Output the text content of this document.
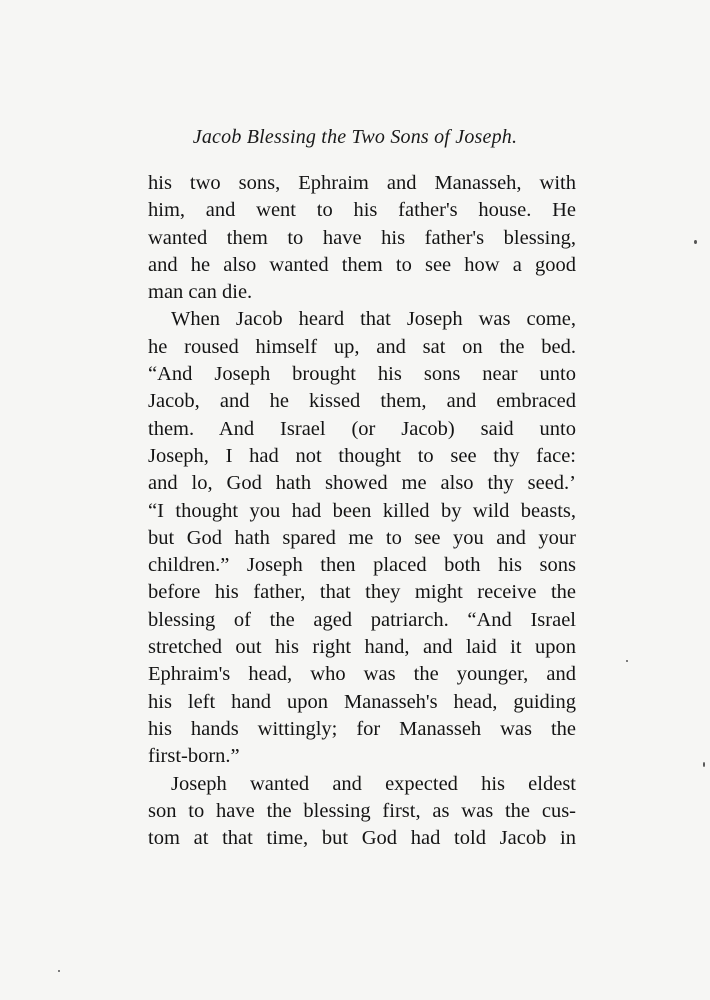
Jacob Blessing the Two Sons of Joseph.
his two sons, Ephraim and Manasseh, with
him, and went to his father's house. He
wanted them to have his father's blessing,
and he also wanted them to see how a good
man can die.
When Jacob heard that Joseph was come,
he roused himself up, and sat on the bed.
“And Joseph brought his sons near unto
Jacob, and he kissed them, and embraced
them. And Israel (or Jacob) said unto
Joseph, I had not thought to see thy face:
and lo, God hath showed me also thy seed.’
“I thought you had been killed by wild beasts,
but God hath spared me to see you and your
children.” Joseph then placed both his sons
before his father, that they might receive the
blessing of the aged patriarch. “And Israel
stretched out his right hand, and laid it upon
Ephraim's head, who was the younger, and
his left hand upon Manasseh's head, guiding
his hands wittingly; for Manasseh was the
first-born.”
Joseph wanted and expected his eldest
son to have the blessing first, as was the cus-
tom at that time, but God had told Jacob in
